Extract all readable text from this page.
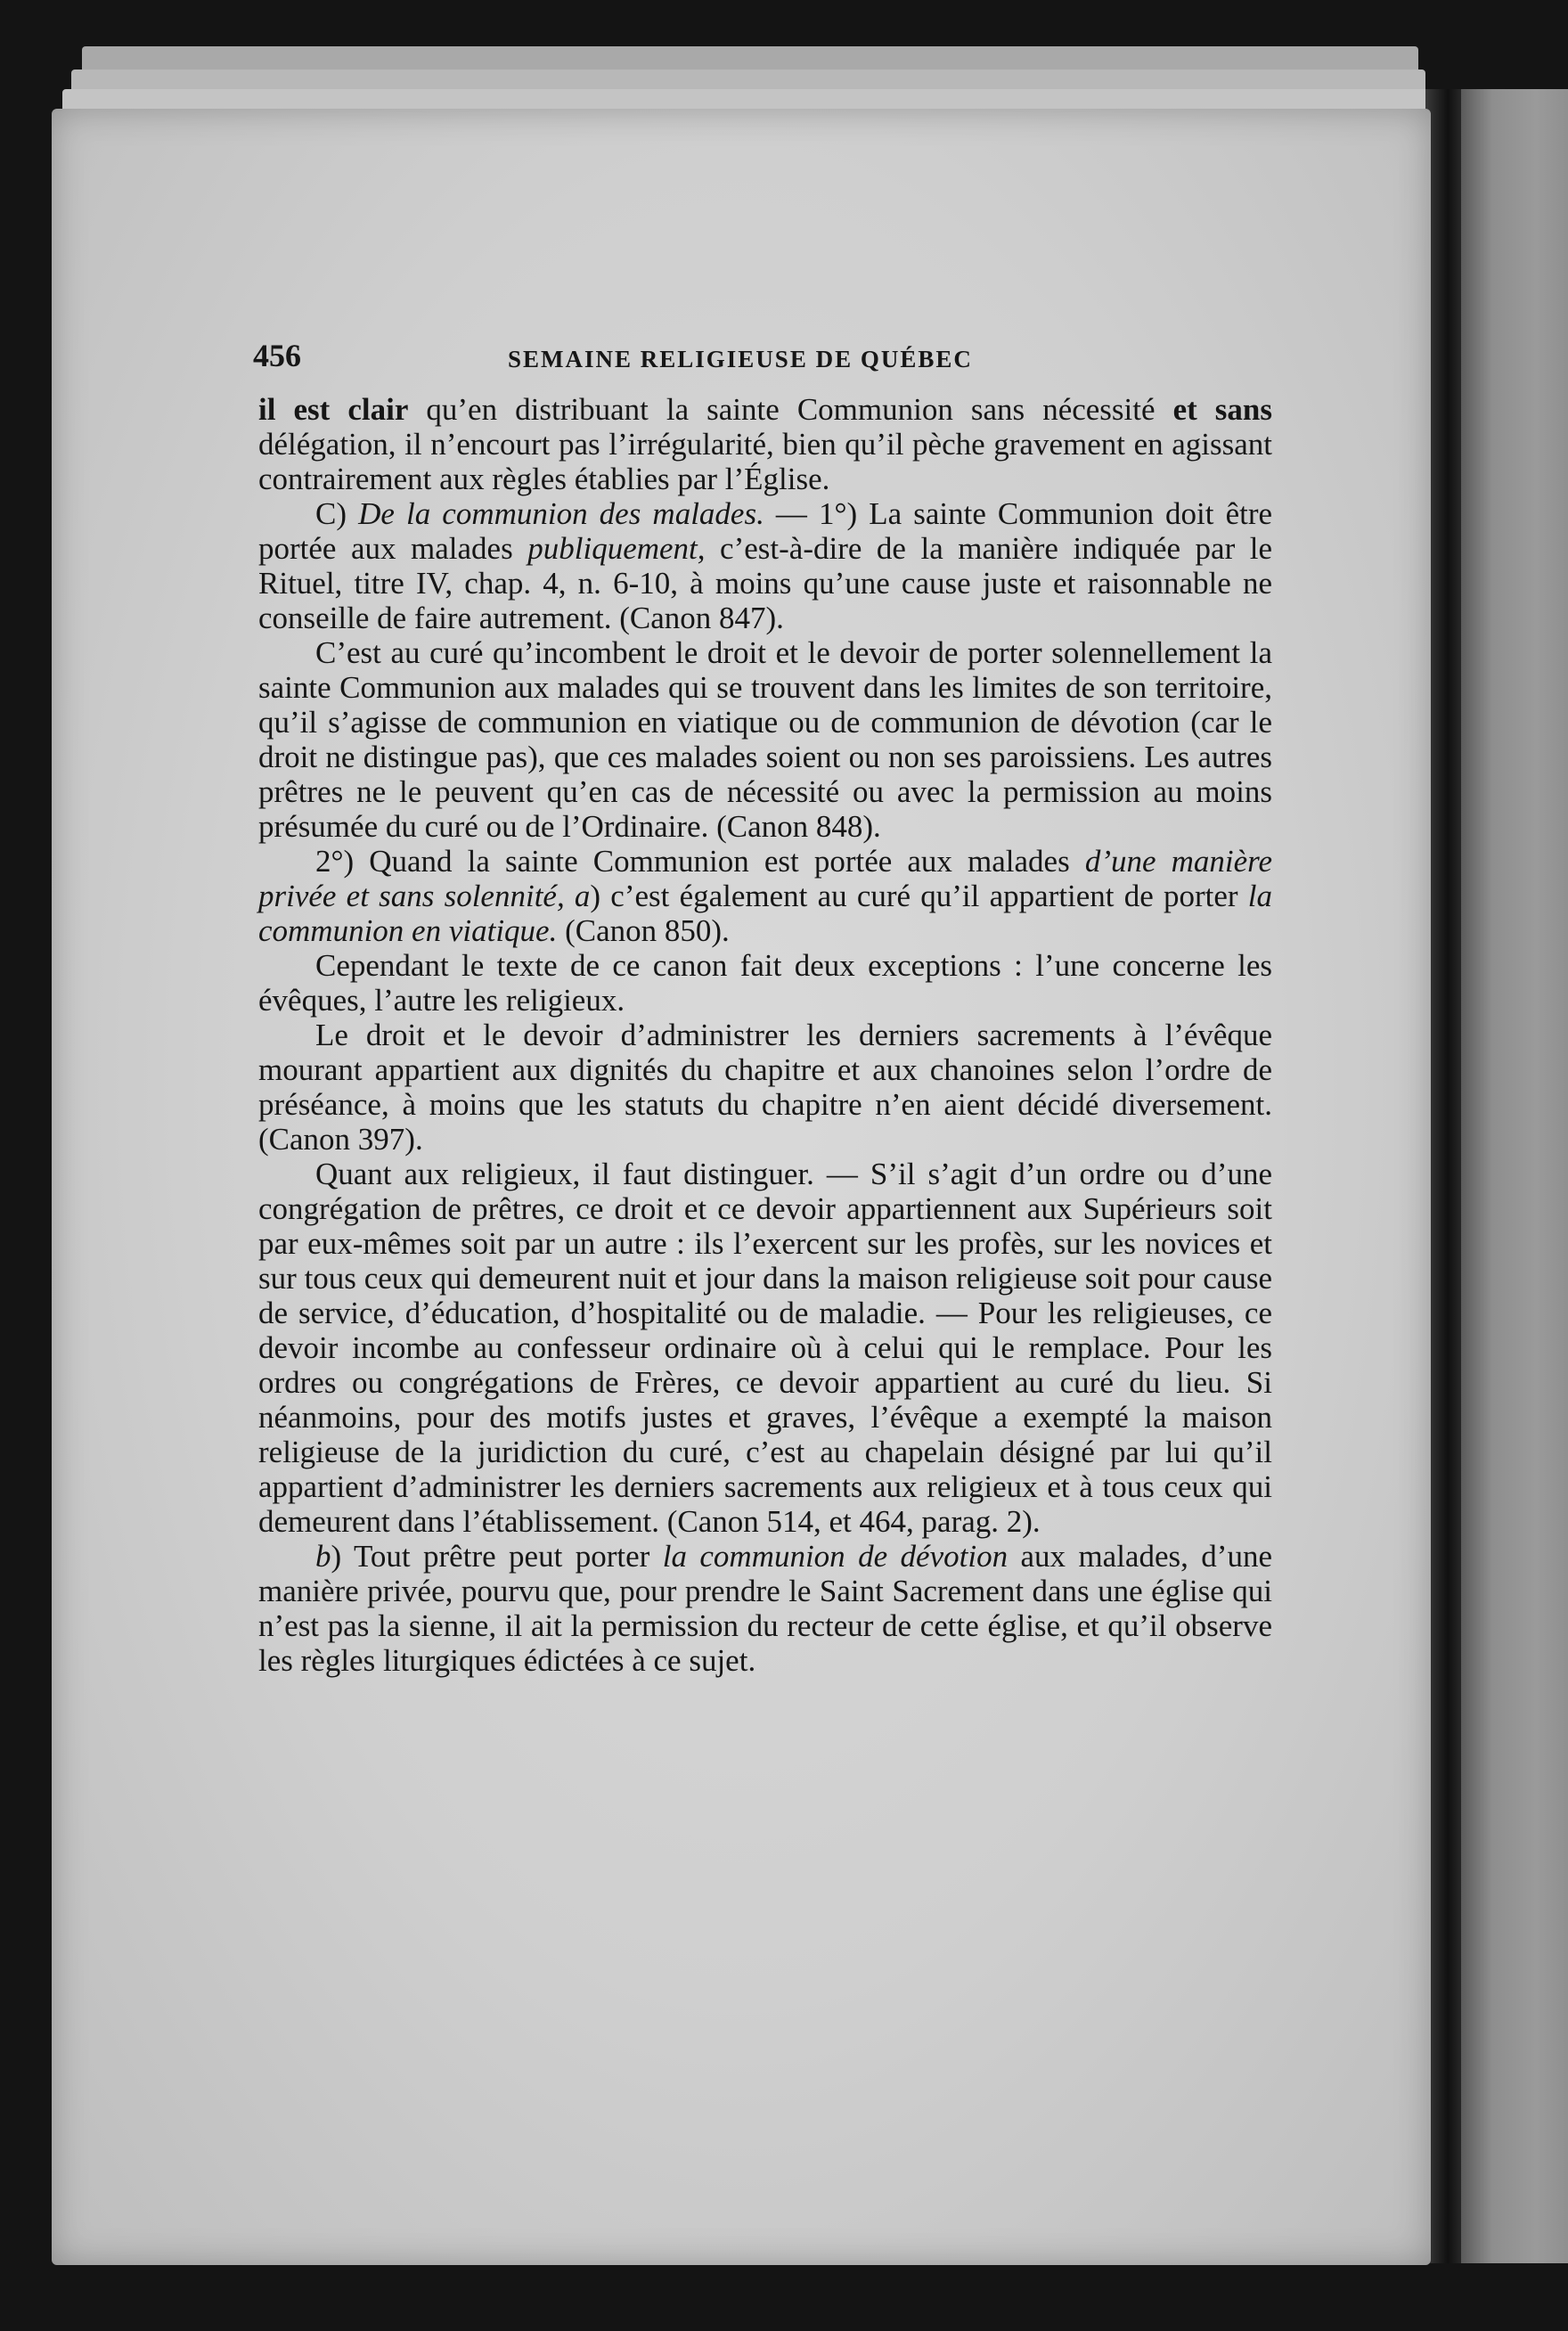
456	SEMAINE RELIGIEUSE DE QUÉBEC

il est clair qu’en distribuant la sainte Communion sans nécessité et sans délégation, il n’encourt pas l’irrégularité, bien qu’il pèche gravement en agissant contrairement aux règles établies par l’Église.

C) De la communion des malades. — 1°) La sainte Communion doit être portée aux malades publiquement, c’est-à-dire de la manière indiquée par le Rituel, titre IV, chap. 4, n. 6-10, à moins qu’une cause juste et raisonnable ne conseille de faire autrement. (Canon 847).

C’est au curé qu’incombent le droit et le devoir de porter solennellement la sainte Communion aux malades qui se trouvent dans les limites de son territoire, qu’il s’agisse de communion en viatique ou de communion de dévotion (car le droit ne distingue pas), que ces malades soient ou non ses paroissiens. Les autres prêtres ne le peuvent qu’en cas de nécessité ou avec la permission au moins présumée du curé ou de l’Ordinaire. (Canon 848).

2°) Quand la sainte Communion est portée aux malades d’une manière privée et sans solennité, a) c’est également au curé qu’il appartient de porter la communion en viatique. (Canon 850).

Cependant le texte de ce canon fait deux exceptions : l’une concerne les évêques, l’autre les religieux.

Le droit et le devoir d’administrer les derniers sacrements à l’évêque mourant appartient aux dignités du chapitre et aux chanoines selon l’ordre de préséance, à moins que les statuts du chapitre n’en aient décidé diversement. (Canon 397).

Quant aux religieux, il faut distinguer. — S’il s’agit d’un ordre ou d’une congrégation de prêtres, ce droit et ce devoir appartiennent aux Supérieurs soit par eux-mêmes soit par un autre : ils l’exercent sur les profès, sur les novices et sur tous ceux qui demeurent nuit et jour dans la maison religieuse soit pour cause de service, d’éducation, d’hospitalité ou de maladie. — Pour les religieuses, ce devoir incombe au confesseur ordinaire où à celui qui le remplace. Pour les ordres ou congrégations de Frères, ce devoir appartient au curé du lieu. Si néanmoins, pour des motifs justes et graves, l’évêque a exempté la maison religieuse de la juridiction du curé, c’est au chapelain désigné par lui qu’il appartient d’administrer les derniers sacrements aux religieux et à tous ceux qui demeurent dans l’établissement. (Canon 514, et 464, parag. 2).

b) Tout prêtre peut porter la communion de dévotion aux malades, d’une manière privée, pourvu que, pour prendre le Saint Sacrement dans une église qui n’est pas la sienne, il ait la permission du recteur de cette église, et qu’il observe les règles liturgiques édictées à ce sujet.
